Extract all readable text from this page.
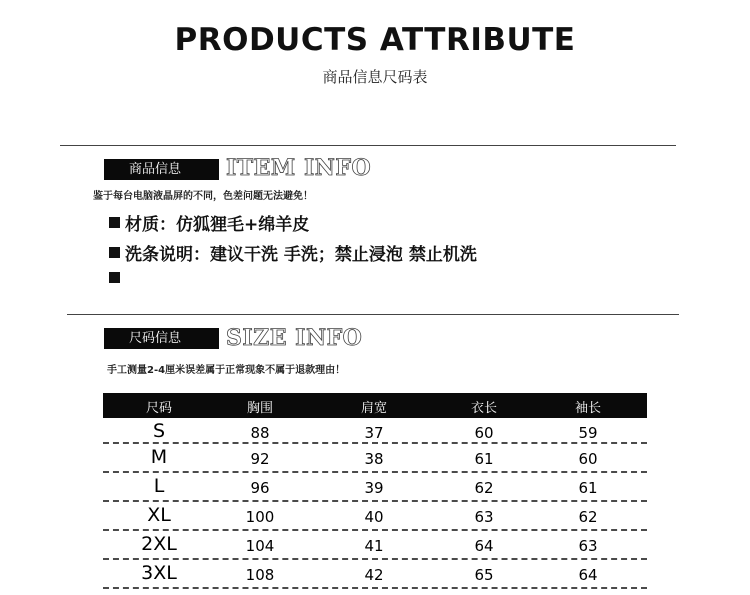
PRODUCTS ATTRIBUTE
商品信息尺码表
商品信息	ITEM INFO
鉴于每台电脑液晶屏的不同，色差问题无法避免！
材质：仿狐狸毛+绵羊皮
洗条说明：建议干洗 手洗；禁止浸泡 禁止机洗
尺码信息	SIZE INFO
手工测量2-4厘米误差属于正常现象不属于退款理由！
尺码	胸围	肩宽	衣长	袖长
S	88	37	60	59
M	92	38	61	60
L	96	39	62	61
XL	100	40	63	62
2XL	104	41	64	63
3XL	108	42	65	64
